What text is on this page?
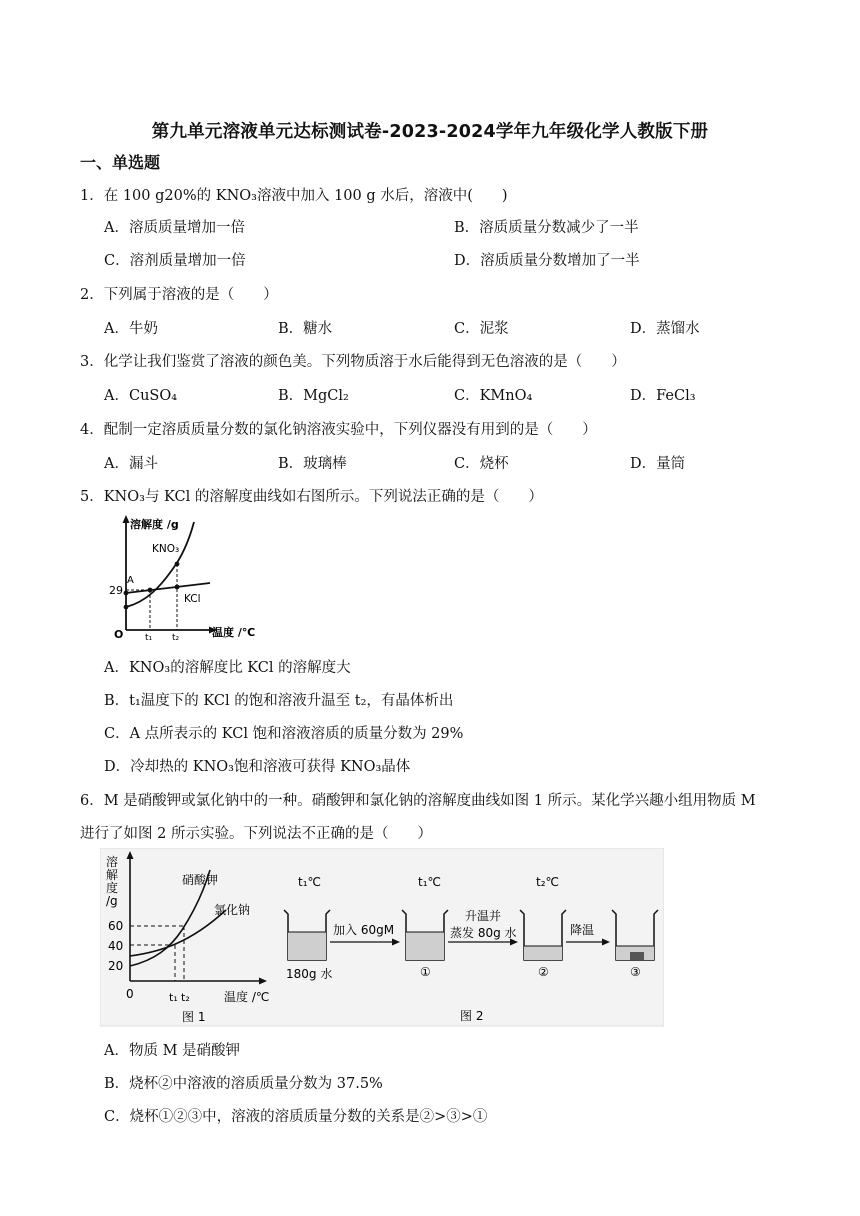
第九单元溶液单元达标测试卷-2023-2024学年九年级化学人教版下册
一、单选题
1．在 100 g20%的 KNO₃溶液中加入 100 g 水后，溶液中(　　)
A．溶质质量增加一倍	B．溶质质量分数减少了一半
C．溶剂质量增加一倍	D．溶质质量分数增加了一半
2．下列属于溶液的是（　　）
A．牛奶	B．糖水	C．泥浆	D．蒸馏水
3．化学让我们鉴赏了溶液的颜色美。下列物质溶于水后能得到无色溶液的是（　　）
A．CuSO₄	B．MgCl₂	C．KMnO₄	D．FeCl₃
4．配制一定溶质质量分数的氯化钠溶液实验中，下列仪器没有用到的是（　　）
A．漏斗	B．玻璃棒	C．烧杯	D．量筒
5．KNO₃与 KCl 的溶解度曲线如右图所示。下列说法正确的是（　　）
溶解度 /g
温度 /℃
O
29
A
KNO₃
KCl
t₁ t₂
A．KNO₃的溶解度比 KCl 的溶解度大
B．t₁温度下的 KCl 的饱和溶液升温至 t₂，有晶体析出
C．A 点所表示的 KCl 饱和溶液溶质的质量分数为 29%
D．冷却热的 KNO₃饱和溶液可获得 KNO₃晶体
6．M 是硝酸钾或氯化钠中的一种。硝酸钾和氯化钠的溶解度曲线如图 1 所示。某化学兴趣小组用物质 M
进行了如图 2 所示实验。下列说法不正确的是（　　）
溶
解
度
/g
60
40
20
0
硝酸钾
氯化钠
t₁ t₂	温度 /℃
图 1
t₁℃
180g 水
t₁℃
①
t₂℃
②	③
加入 60gM
升温并
蒸发 80g 水	降温
图 2
A．物质 M 是硝酸钾
B．烧杯②中溶液的溶质质量分数为 37.5%
C．烧杯①②③中，溶液的溶质质量分数的关系是②>③>①
